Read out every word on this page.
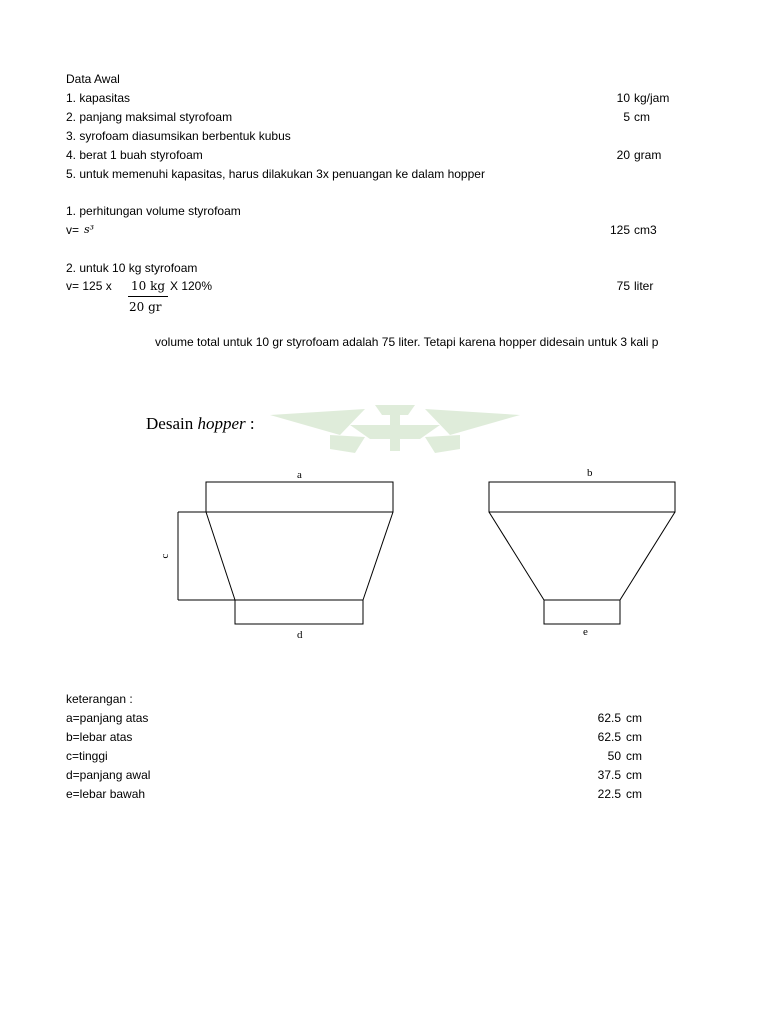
Data Awal
1. kapasitas	10 kg/jam
2. panjang maksimal styrofoam	5 cm
3. syrofoam diasumsikan berbentuk kubus
4. berat 1 buah styrofoam	20 gram
5. untuk memenuhi kapasitas, harus dilakukan 3x penuangan ke dalam hopper
1. perhitungan volume styrofoam
v= s³	125 cm3
2. untuk 10 kg styrofoam
v= 125 x 10 kg
20 gr
X 120%	75 liter
volume total untuk 10 gr styrofoam adalah 75 liter. Tetapi karena hopper didesain untuk 3 kali p
Desain hopper :
a
d
c
b
e
keterangan :
a=panjang atas	62.5 cm
b=lebar atas	62.5 cm
c=tinggi	50 cm
d=panjang awal	37.5 cm
e=lebar bawah	22.5 cm
